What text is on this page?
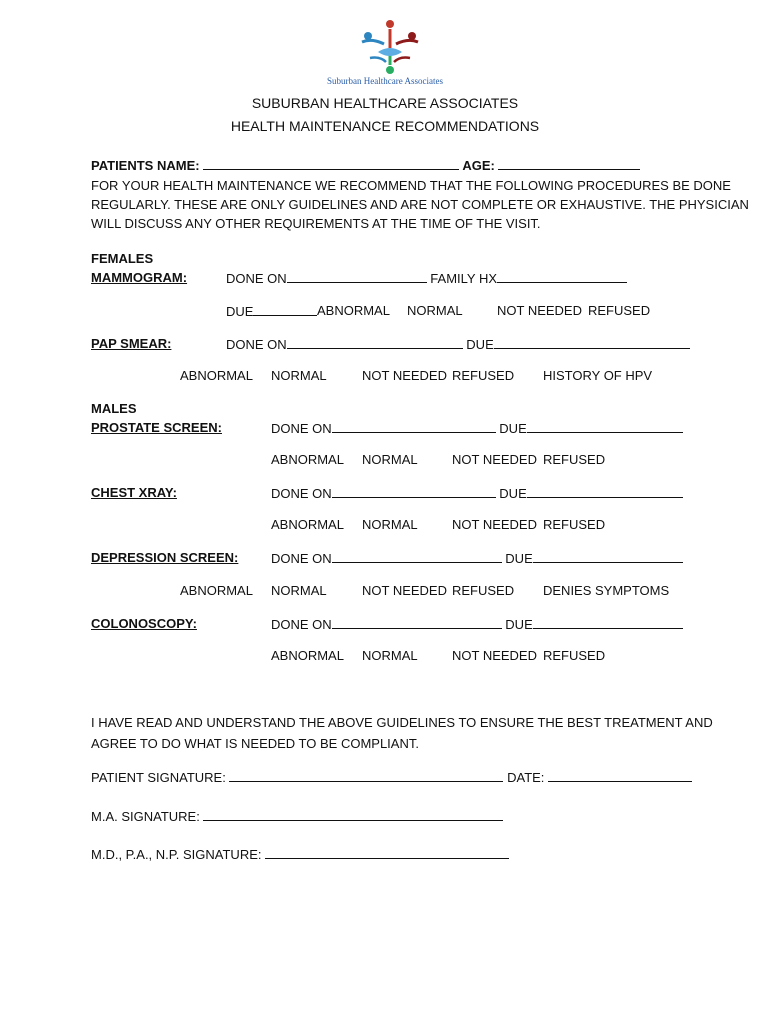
Suburban Healthcare Associates
SUBURBAN HEALTHCARE ASSOCIATES
HEALTH MAINTENANCE RECOMMENDATIONS
PATIENTS NAME:	AGE:
FOR YOUR HEALTH MAINTENANCE WE RECOMMEND THAT THE FOLLOWING PROCEDURES BE DONE
REGULARLY. THESE ARE ONLY GUIDELINES AND ARE NOT COMPLETE OR EXHAUSTIVE. THE PHYSICIAN
WILL DISCUSS ANY OTHER REQUIREMENTS AT THE TIME OF THE VISIT.
FEMALES
MAMMOGRAM:	DONE ON	FAMILY HX
DUE	ABNORMAL NORMAL	NOT NEEDED REFUSED
PAP SMEAR:	DONE ON	DUE
ABNORMAL NORMAL	NOT NEEDED REFUSED HISTORY OF HPV
MALES
PROSTATE SCREEN:	DONE ON	DUE
ABNORMAL NORMAL	NOT NEEDED REFUSED
CHEST XRAY:	DONE ON	DUE
ABNORMAL NORMAL	NOT NEEDED REFUSED
DEPRESSION SCREEN:	DONE ON	DUE
ABNORMAL NORMAL	NOT NEEDED REFUSED DENIES SYMPTOMS
COLONOSCOPY:	DONE ON	DUE
ABNORMAL NORMAL	NOT NEEDED REFUSED
I HAVE READ AND UNDERSTAND THE ABOVE GUIDELINES TO ENSURE THE BEST TREATMENT AND
AGREE TO DO WHAT IS NEEDED TO BE COMPLIANT.
PATIENT SIGNATURE:	DATE:
M.A. SIGNATURE:
M.D., P.A., N.P. SIGNATURE:
